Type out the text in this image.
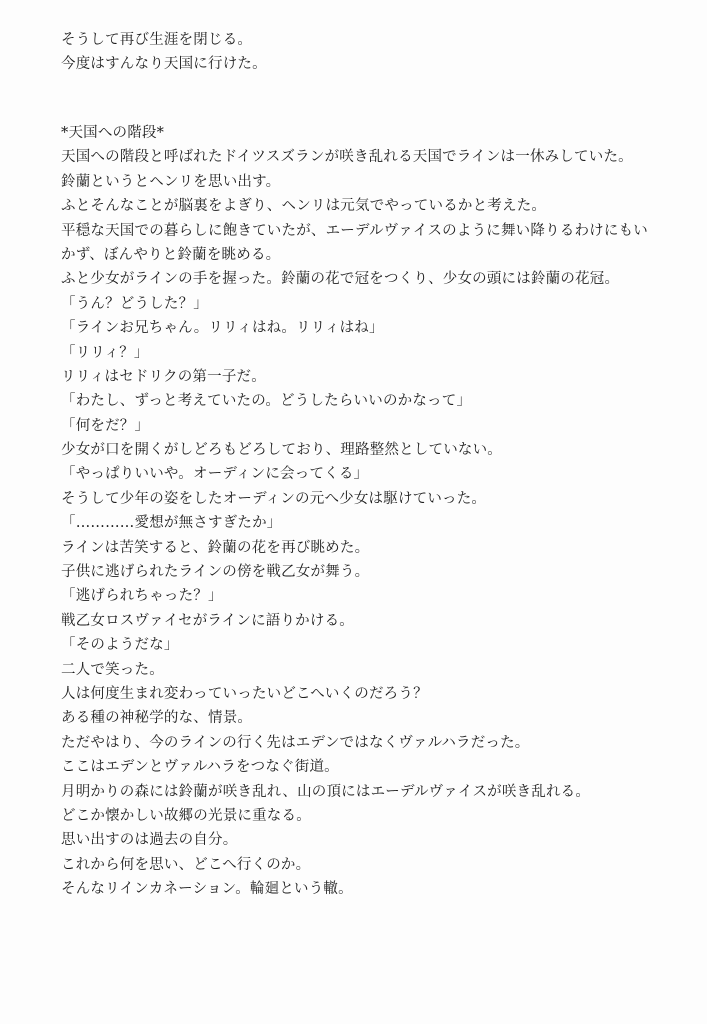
そうして再び生涯を閉じる。
今度はすんなり天国に行けた。
*天国への階段*
天国への階段と呼ばれたドイツスズランが咲き乱れる天国でラインは一休みしていた。
鈴蘭というとヘンリを思い出す。
ふとそんなことが脳裏をよぎり、ヘンリは元気でやっているかと考えた。
平穏な天国での暮らしに飽きていたが、エーデルヴァイスのように舞い降りるわけにもい
かず、ぼんやりと鈴蘭を眺める。
ふと少女がラインの手を握った。鈴蘭の花で冠をつくり、少女の頭には鈴蘭の花冠。
「うん？どうした？」
「ラインお兄ちゃん。リリィはね。リリィはね」
「リリィ？」
リリィはセドリクの第一子だ。
「わたし、ずっと考えていたの。どうしたらいいのかなって」
「何をだ？」
少女が口を開くがしどろもどろしており、理路整然としていない。
「やっぱりいいや。オーディンに会ってくる」
そうして少年の姿をしたオーディンの元へ少女は駆けていった。
「…………愛想が無さすぎたか」
ラインは苦笑すると、鈴蘭の花を再び眺めた。
子供に逃げられたラインの傍を戦乙女が舞う。
「逃げられちゃった？」
戦乙女ロスヴァイセがラインに語りかける。
「そのようだな」
二人で笑った。
人は何度生まれ変わっていったいどこへいくのだろう？
ある種の神秘学的な、情景。
ただやはり、今のラインの行く先はエデンではなくヴァルハラだった。
ここはエデンとヴァルハラをつなぐ街道。
月明かりの森には鈴蘭が咲き乱れ、山の頂にはエーデルヴァイスが咲き乱れる。
どこか懐かしい故郷の光景に重なる。
思い出すのは過去の自分。
これから何を思い、どこへ行くのか。
そんなリインカネーション。輪廻という轍。
